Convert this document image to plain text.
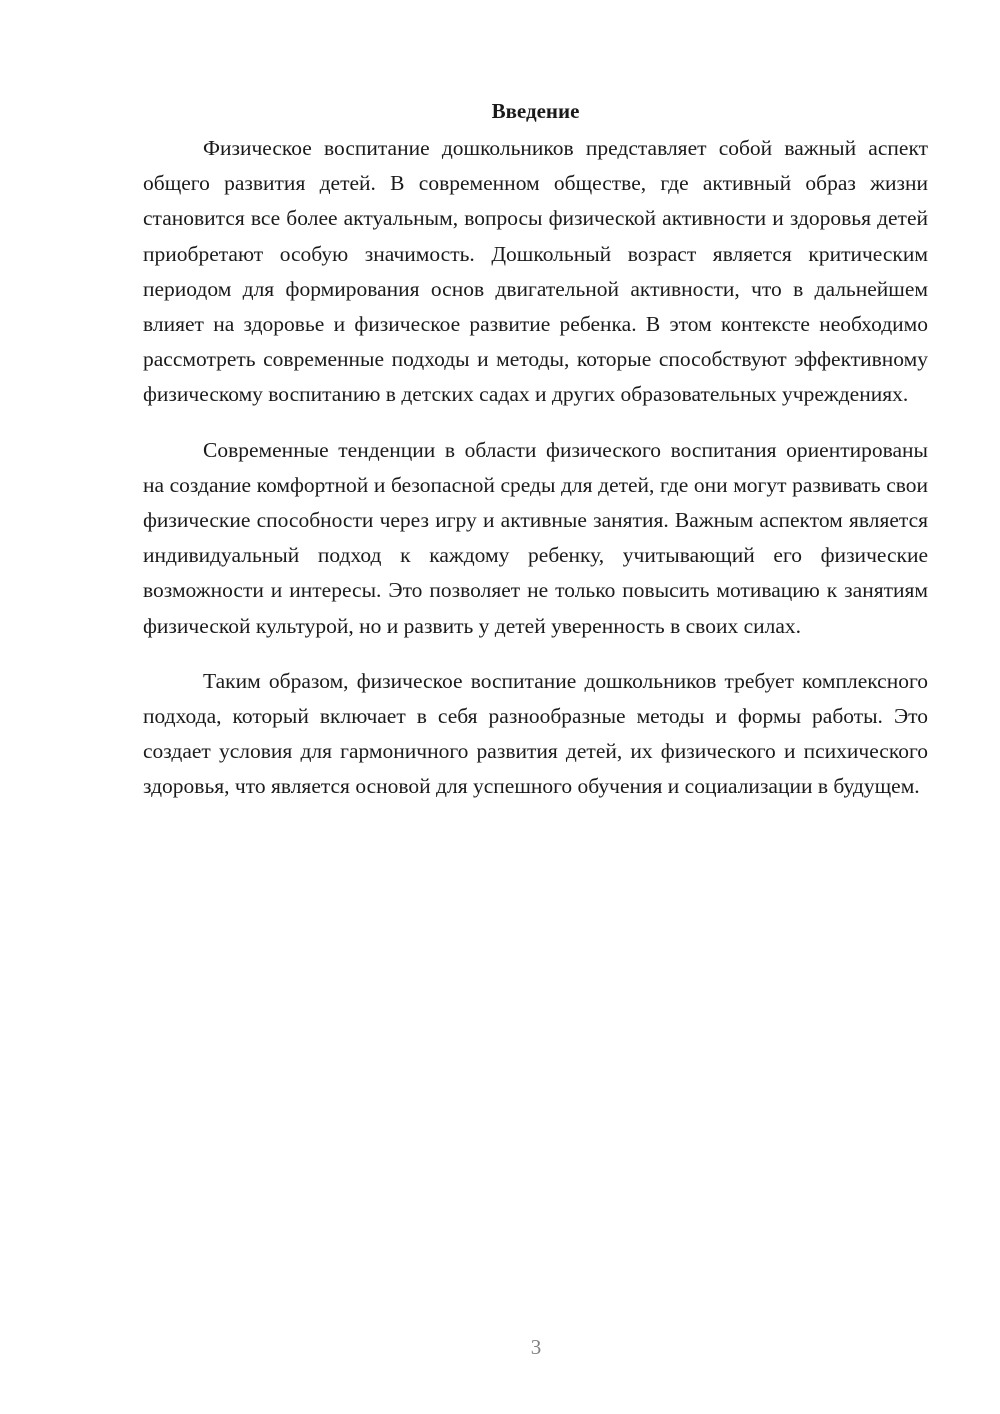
Введение

Физическое воспитание дошкольников представляет собой важный аспект общего развития детей. В современном обществе, где активный образ жизни становится все более актуальным, вопросы физической активности и здоровья детей приобретают особую значимость. Дошкольный возраст является критическим периодом для формирования основ двигательной активности, что в дальнейшем влияет на здоровье и физическое развитие ребенка. В этом контексте необходимо рассмотреть современные подходы и методы, которые способствуют эффективному физическому воспитанию в детских садах и других образовательных учреждениях.

Современные тенденции в области физического воспитания ориентированы на создание комфортной и безопасной среды для детей, где они могут развивать свои физические способности через игру и активные занятия. Важным аспектом является индивидуальный подход к каждому ребенку, учитывающий его физические возможности и интересы. Это позволяет не только повысить мотивацию к занятиям физической культурой, но и развить у детей уверенность в своих силах.

Таким образом, физическое воспитание дошкольников требует комплексного подхода, который включает в себя разнообразные методы и формы работы. Это создает условия для гармоничного развития детей, их физического и психического здоровья, что является основой для успешного обучения и социализации в будущем.

3
